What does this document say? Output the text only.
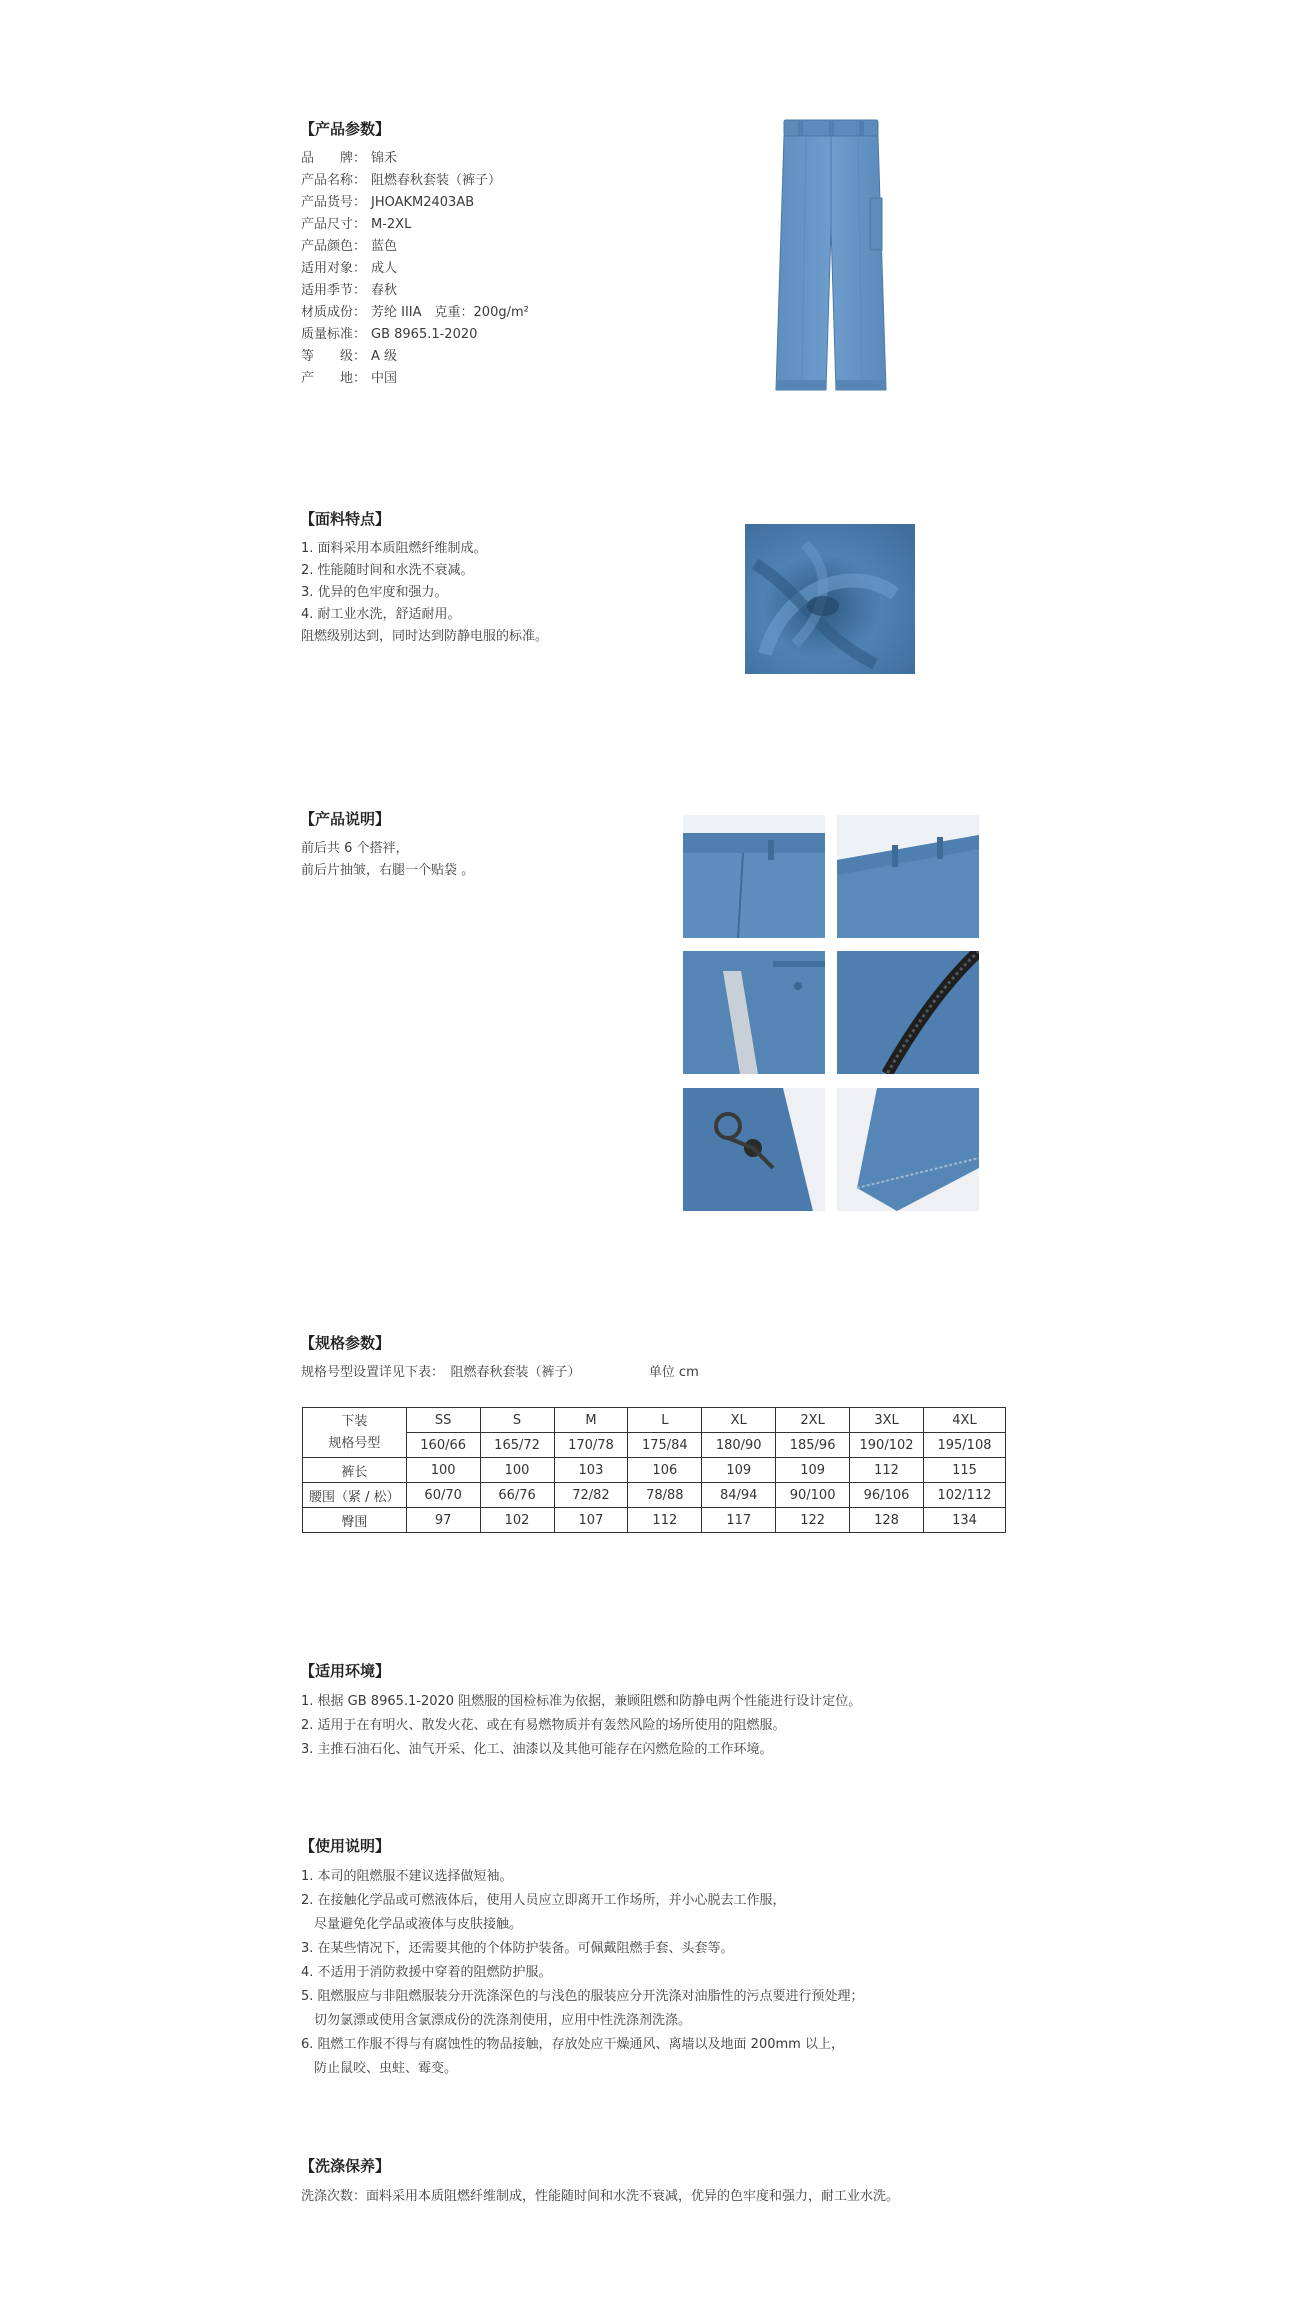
【产品参数】
品　　牌： 锦禾
产品名称： 阻燃春秋套装（裤子）
产品货号： JHOAKM2403AB
产品尺寸： M-2XL
产品颜色： 蓝色
适用对象： 成人
适用季节： 春秋
材质成份： 芳纶 IIIA　克重：200g/m²
质量标准： GB 8965.1-2020
等　　级： A 级
产　　地： 中国
【面料特点】
1. 面料采用本质阻燃纤维制成。
2. 性能随时间和水洗不衰减。
3. 优异的色牢度和强力。
4. 耐工业水洗，舒适耐用。
阻燃级别达到，同时达到防静电服的标准。
【产品说明】
前后共 6 个搭袢，
前后片抽皱，右腿一个贴袋 。
【规格参数】
规格号型设置详见下表：　阻燃春秋套装（裤子）	单位 cm
下装
规格号型	SS	S	M	L	XL	2XL	3XL	4XL
	160/66	165/72	170/78	175/84	180/90	185/96	190/102	195/108
裤长	100	100	103	106	109	109	112	115
腰围（紧 / 松）	60/70	66/76	72/82	78/88	84/94	90/100	96/106	102/112
臀围	97	102	107	112	117	122	128	134
【适用环境】
1. 根据 GB 8965.1-2020 阻燃服的国检标准为依据，兼顾阻燃和防静电两个性能进行设计定位。
2. 适用于在有明火、散发火花、或在有易燃物质并有轰然风险的场所使用的阻燃服。
3. 主推石油石化、油气开采、化工、油漆以及其他可能存在闪燃危险的工作环境。
【使用说明】
1. 本司的阻燃服不建议选择做短袖。
2. 在接触化学品或可燃液体后，使用人员应立即离开工作场所，并小心脱去工作服，
　尽量避免化学品或液体与皮肤接触。
3. 在某些情况下，还需要其他的个体防护装备。可佩戴阻燃手套、头套等。
4. 不适用于消防救援中穿着的阻燃防护服。
5. 阻燃服应与非阻燃服装分开洗涤深色的与浅色的服装应分开洗涤对油脂性的污点要进行预处理；
　切勿氯漂或使用含氯漂成份的洗涤剂使用，应用中性洗涤剂洗涤。
6. 阻燃工作服不得与有腐蚀性的物品接触，存放处应干燥通风、离墙以及地面 200mm 以上，
　防止鼠咬、虫蛀、霉变。
【洗涤保养】
洗涤次数：面料采用本质阻燃纤维制成，性能随时间和水洗不衰减，优异的色牢度和强力，耐工业水洗。
